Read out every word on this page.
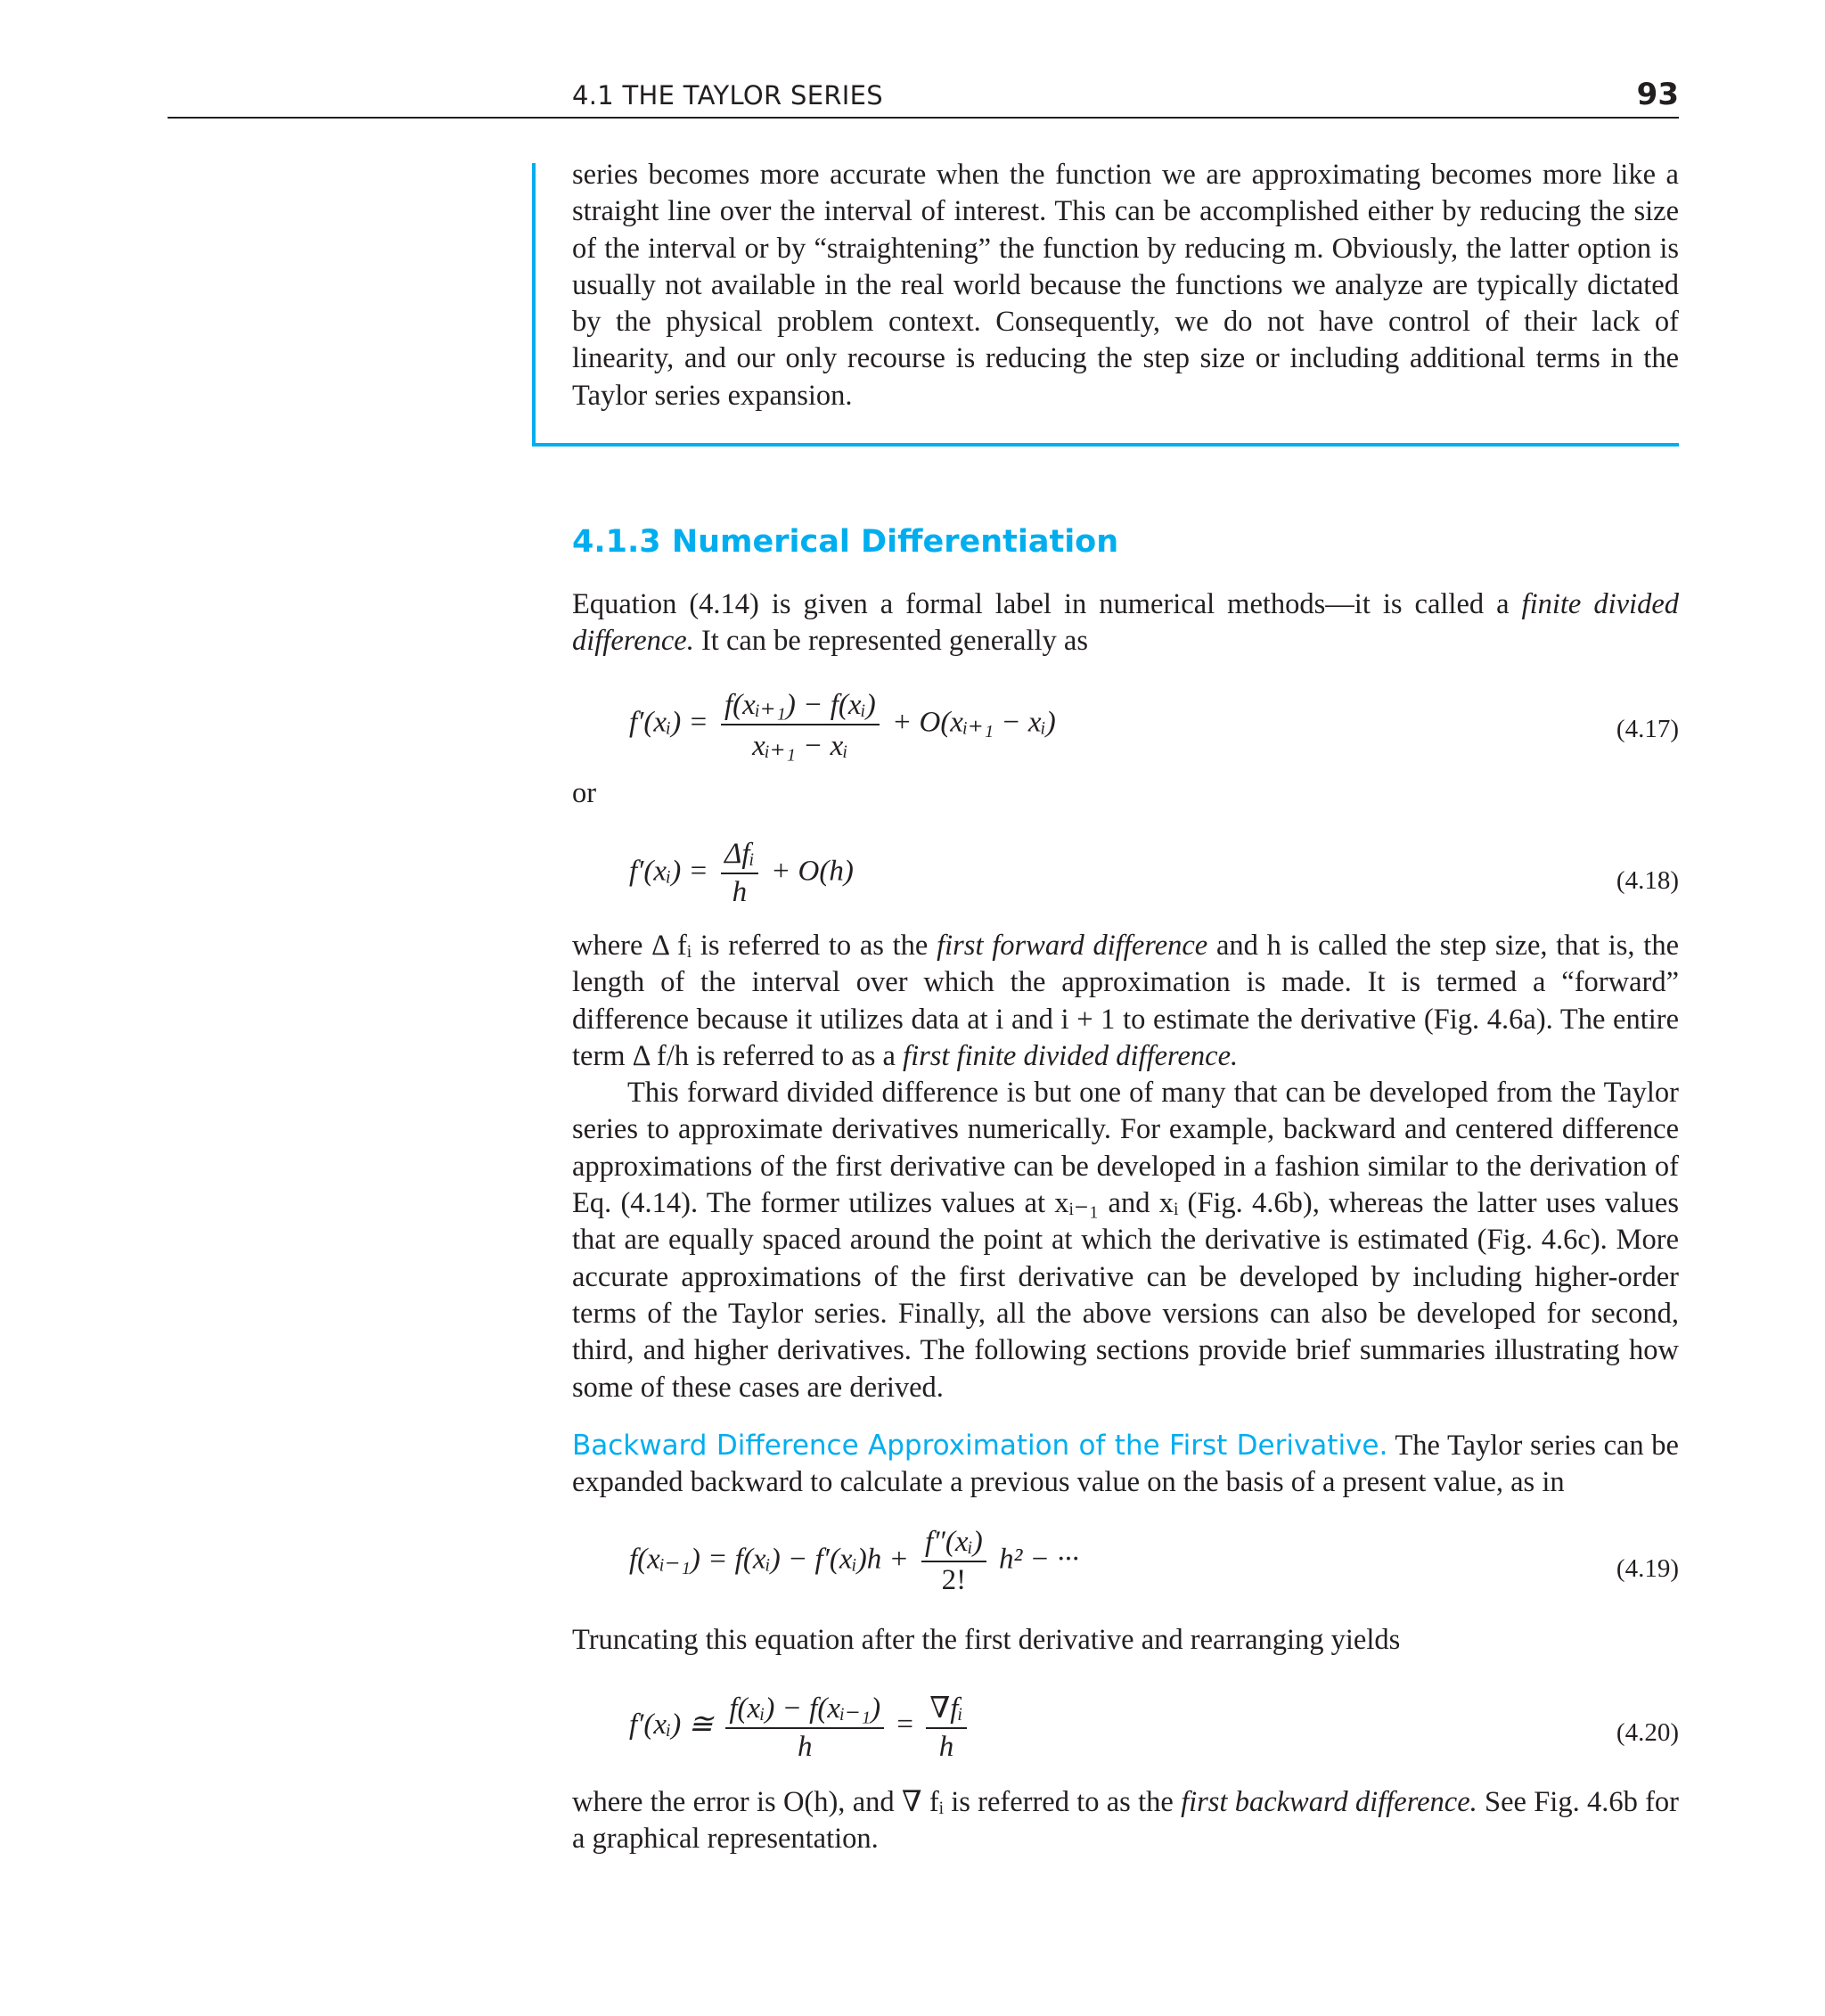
4.1 THE TAYLOR SERIES	93

series becomes more accurate when the function we are approximating becomes more like a straight line over the interval of interest. This can be accomplished either by reducing the size of the interval or by “straightening” the function by reducing m. Obviously, the latter option is usually not available in the real world because the functions we analyze are typically dictated by the physical problem context. Consequently, we do not have control of their lack of linearity, and our only recourse is reducing the step size or including additional terms in the Taylor series expansion.

4.1.3 Numerical Differentiation

Equation (4.14) is given a formal label in numerical methods—it is called a finite divided difference. It can be represented generally as

f′(xᵢ) = $\frac{\text{f(xᵢ₊₁) − f(xᵢ)}}{\text{xᵢ₊₁ − xᵢ}}$ + O(xᵢ₊₁ − xᵢ)	(4.17)
or
f′(xᵢ) = $\frac{\text{Δfᵢ}}{h} + O(h)$	(4.18)

where Δ fᵢ is referred to as the first forward difference and h is called the step size, that is, the length of the interval over which the approximation is made. It is termed a “forward” difference because it utilizes data at i and i + 1 to estimate the derivative (Fig. 4.6a). The entire term Δ f/h is referred to as a first finite divided difference.

This forward divided difference is but one of many that can be developed from the Taylor series to approximate derivatives numerically. For example, backward and centered difference approximations of the first derivative can be developed in a fashion similar to the derivation of Eq. (4.14). The former utilizes values at xᵢ₋₁ and xᵢ (Fig. 4.6b), whereas the latter uses values that are equally spaced around the point at which the derivative is estimated (Fig. 4.6c). More accurate approximations of the first derivative can be developed by including higher-order terms of the Taylor series. Finally, all the above versions can also be developed for second, third, and higher derivatives. The following sections provide brief summaries illustrating how some of these cases are derived.

Backward Difference Approximation of the First Derivative. The Taylor series can be expanded backward to calculate a previous value on the basis of a present value, as in

f(xᵢ₋₁) = f(xᵢ) − f′(xᵢ)h + $\frac{\text{f″(xᵢ)}}{2!} h^2$ − ···	(4.19)

Truncating this equation after the first derivative and rearranging yields

f′(xᵢ) ≅ $\frac{\text{f(xᵢ) − f(xᵢ₋₁)}}{h} = \frac{\text{∇fᵢ}}{h}$	(4.20)

where the error is O(h), and ∇ fᵢ is referred to as the first backward difference. See Fig. 4.6b for a graphical representation.
